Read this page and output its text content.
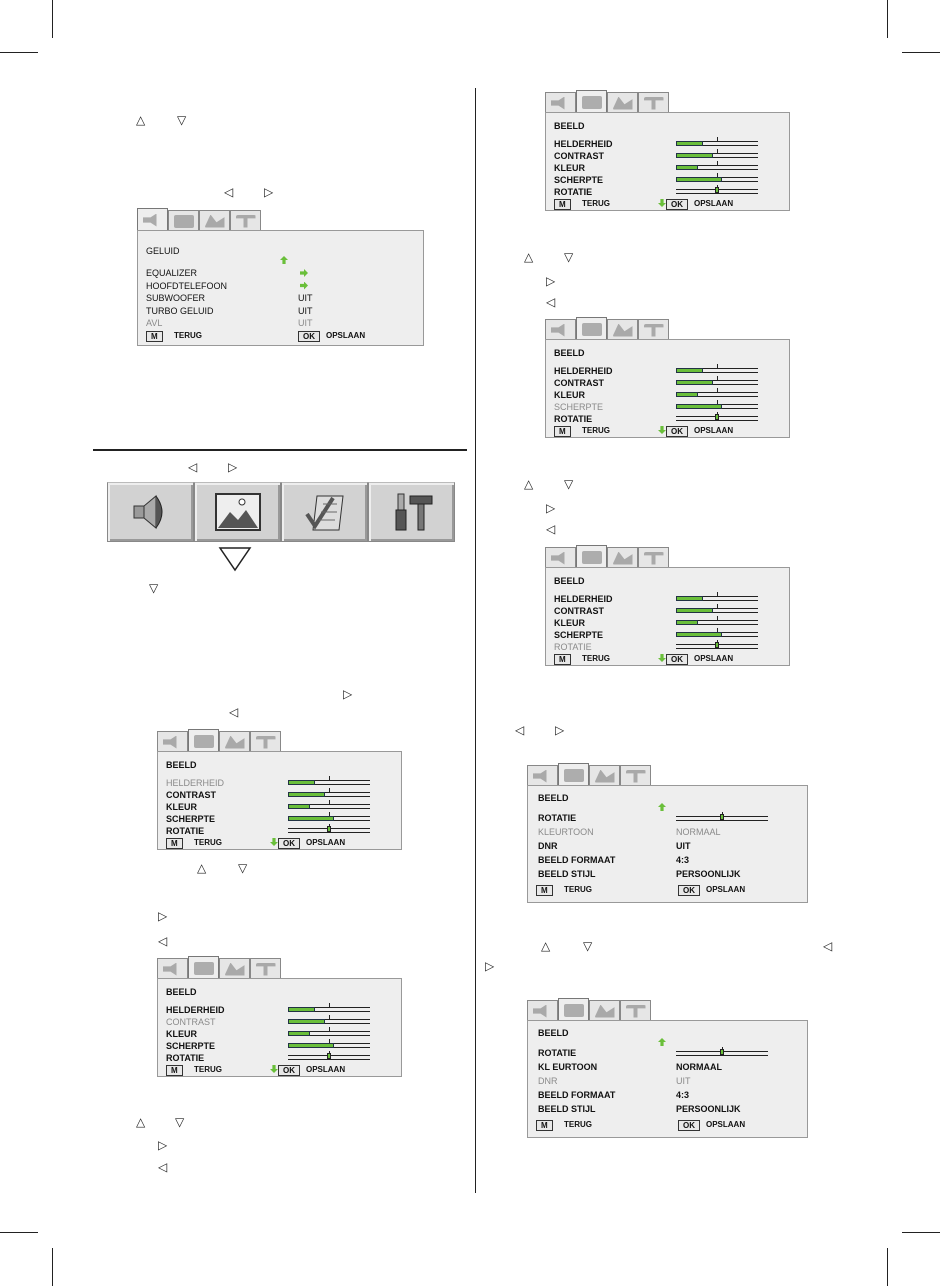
△	▽
◁	▷
◁	▷
▽
▷
◁
△	▽
▷
◁
△ ▽
▷
◁
△	▽
▷
◁
△	▽
▷
◁
◁	▷
△	▽	◁
▷
GELUID
EQUALIZER
HOOFDTELEFOON
SUBWOOFER	UIT
TURBO GELUID	UIT
AVL	UIT
M	TERUG	OK	OPSLAAN
BEELD
HELDERHEID
CONTRAST
KLEUR
SCHERPTE
ROTATIE
M	TERUG	OK	OPSLAAN
BEELD
HELDERHEID
CONTRAST
KLEUR
SCHERPTE
ROTATIE
M	TERUG	OK	OPSLAAN
BEELD
HELDERHEID
CONTRAST
KLEUR
SCHERPTE
ROTATIE
M	TERUG	OK	OPSLAAN
BEELD
HELDERHEID
CONTRAST
KLEUR
SCHERPTE
ROTATIE
M	TERUG	OK	OPSLAAN
BEELD
HELDERHEID
CONTRAST
KLEUR
SCHERPTE
ROTATIE
M	TERUG	OK	OPSLAAN
BEELD
ROTATIE
KLEURTOON	NORMAAL
DNR	UIT
BEELD FORMAAT	4:3
BEELD STIJL	PERSOONLIJK
M	TERUG	OK	OPSLAAN
BEELD
ROTATIE
KL EURTOON	NORMAAL
DNR	UIT
BEELD FORMAAT	4:3
BEELD STIJL	PERSOONLIJK
M	TERUG	OK	OPSLAAN
